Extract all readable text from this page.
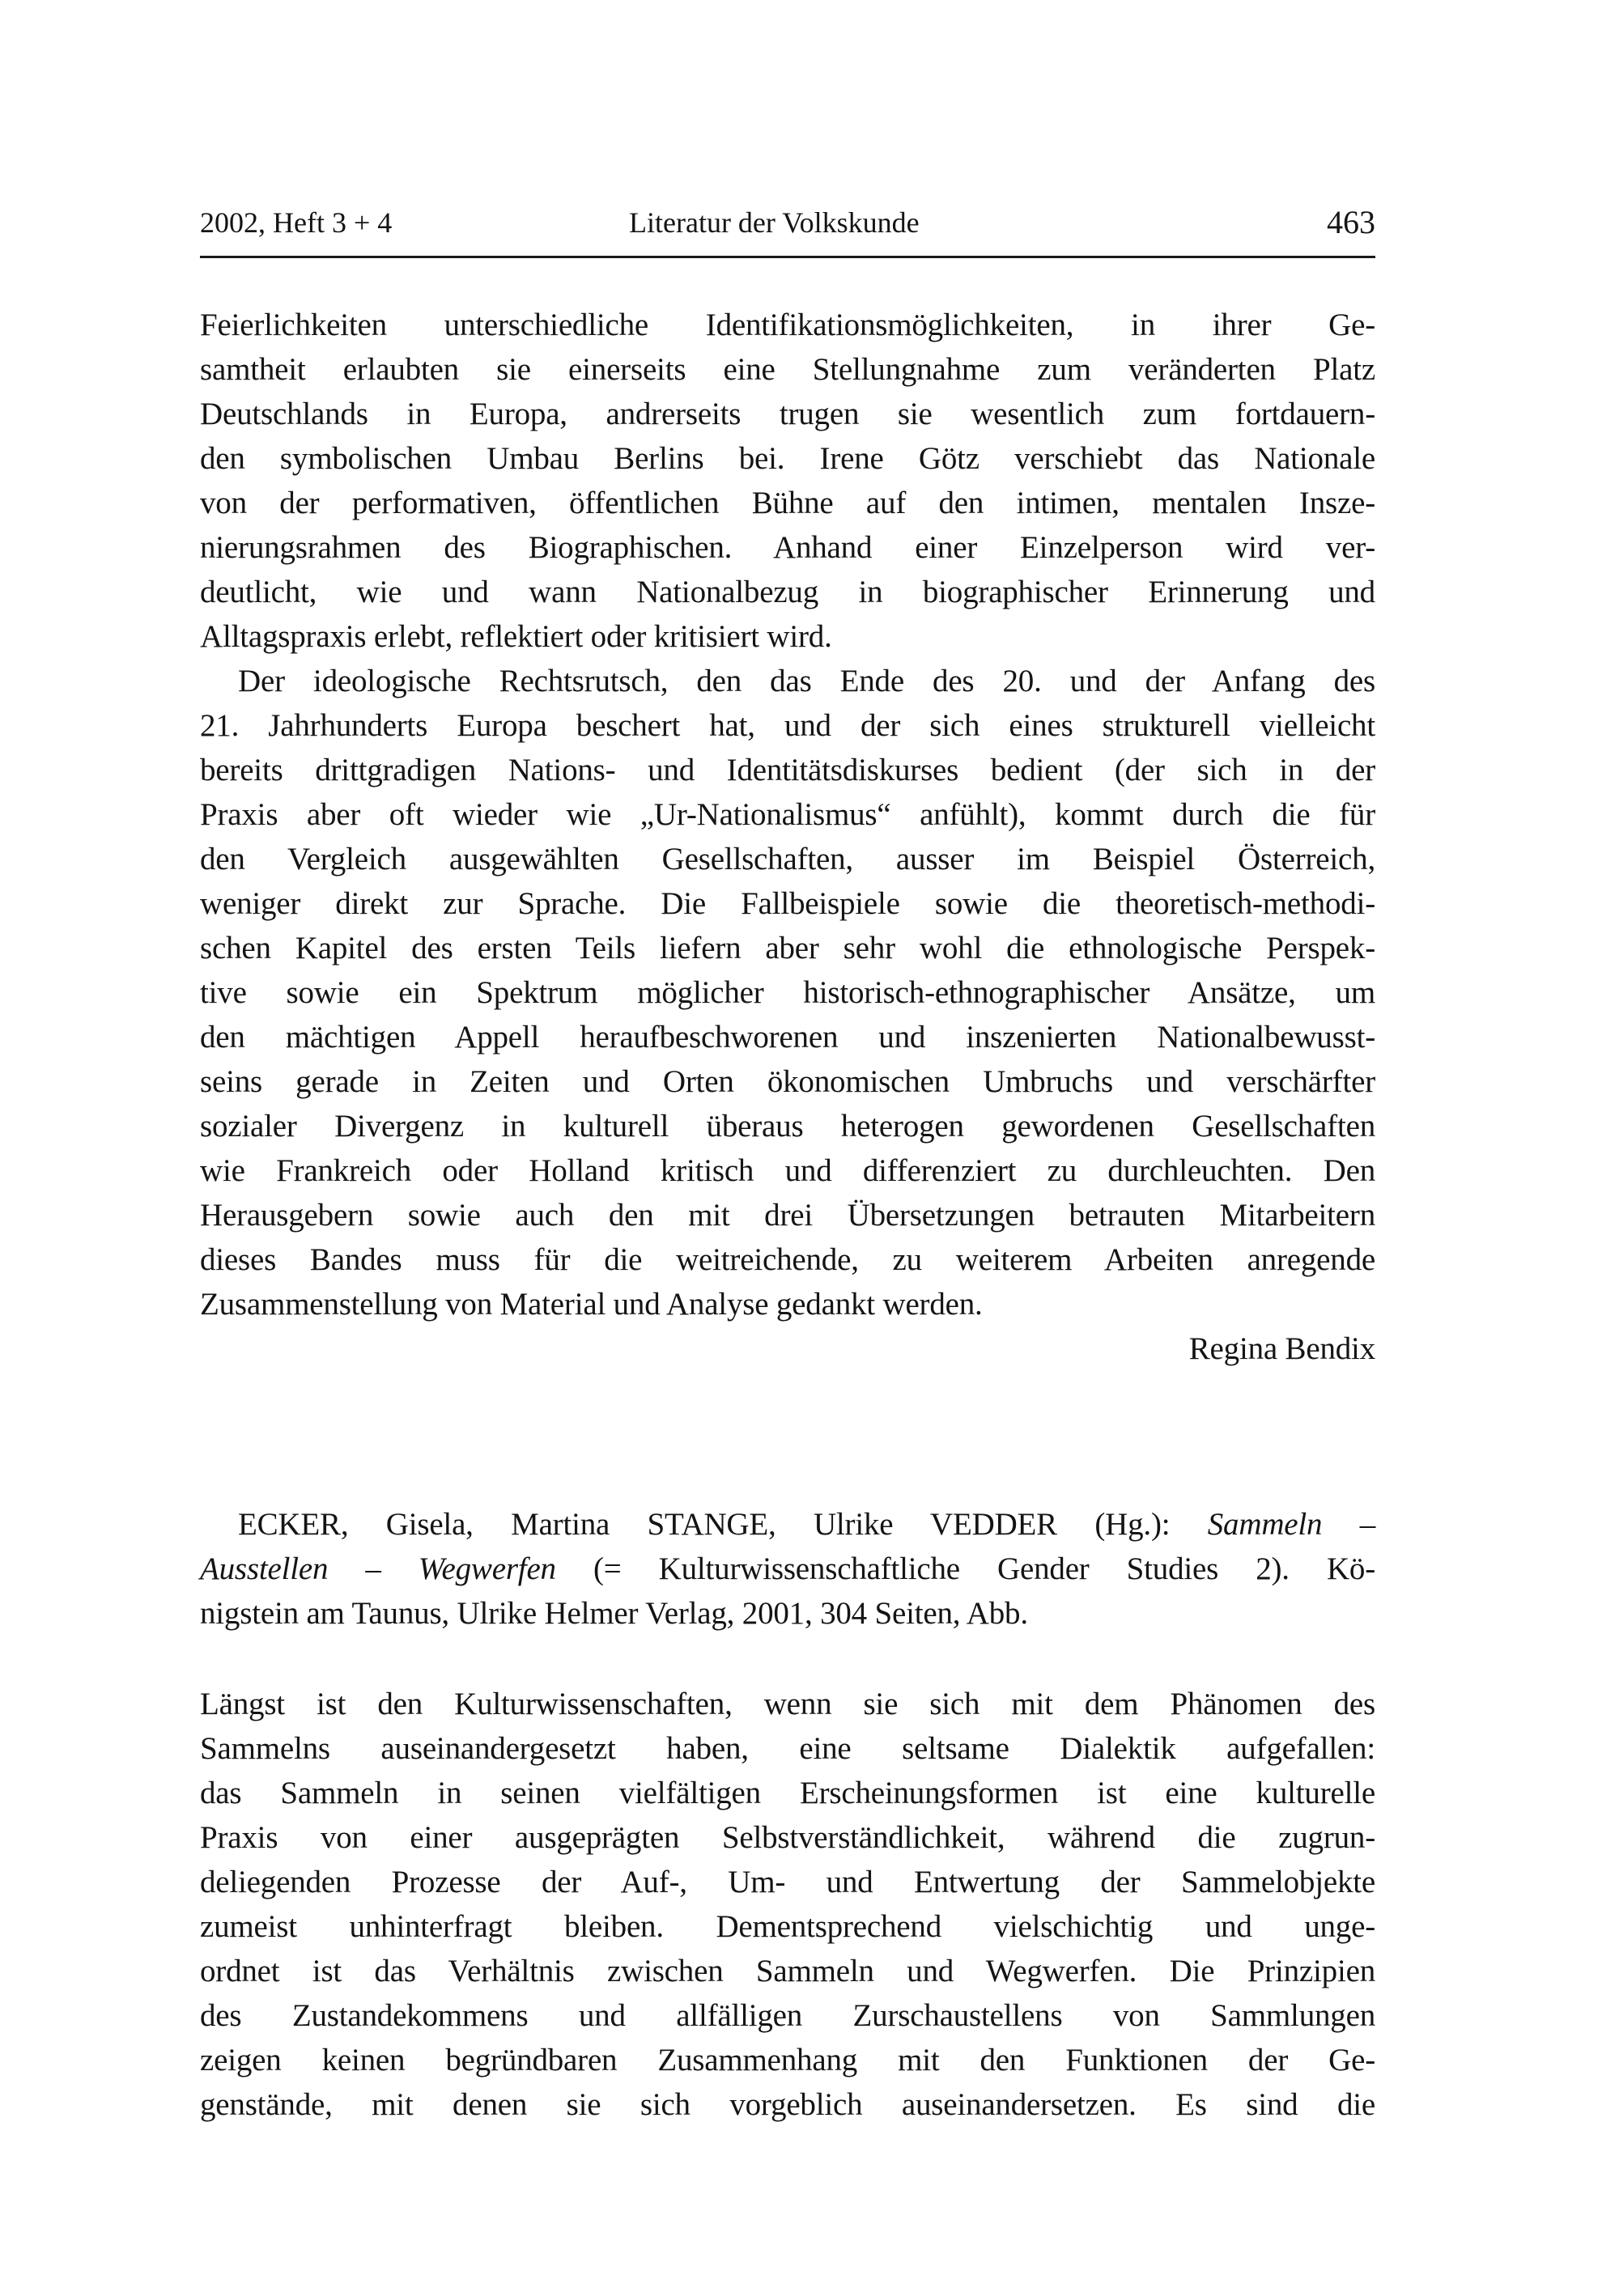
2002, Heft 3 + 4	Literatur der Volkskunde	463
Feierlichkeiten unterschiedliche Identifikationsmöglichkeiten, in ihrer Ge-
samtheit erlaubten sie einerseits eine Stellungnahme zum veränderten Platz
Deutschlands in Europa, andrerseits trugen sie wesentlich zum fortdauern-
den symbolischen Umbau Berlins bei. Irene Götz verschiebt das Nationale
von der performativen, öffentlichen Bühne auf den intimen, mentalen Insze-
nierungsrahmen des Biographischen. Anhand einer Einzelperson wird ver-
deutlicht, wie und wann Nationalbezug in biographischer Erinnerung und
Alltagspraxis erlebt, reflektiert oder kritisiert wird.
Der ideologische Rechtsrutsch, den das Ende des 20. und der Anfang des
21. Jahrhunderts Europa beschert hat, und der sich eines strukturell vielleicht
bereits drittgradigen Nations- und Identitätsdiskurses bedient (der sich in der
Praxis aber oft wieder wie „Ur-Nationalismus“ anfühlt), kommt durch die für
den Vergleich ausgewählten Gesellschaften, ausser im Beispiel Österreich,
weniger direkt zur Sprache. Die Fallbeispiele sowie die theoretisch-methodi-
schen Kapitel des ersten Teils liefern aber sehr wohl die ethnologische Perspek-
tive sowie ein Spektrum möglicher historisch-ethnographischer Ansätze, um
den mächtigen Appell heraufbeschworenen und inszenierten Nationalbewusst-
seins gerade in Zeiten und Orten ökonomischen Umbruchs und verschärfter
sozialer Divergenz in kulturell überaus heterogen gewordenen Gesellschaften
wie Frankreich oder Holland kritisch und differenziert zu durchleuchten. Den
Herausgebern sowie auch den mit drei Übersetzungen betrauten Mitarbeitern
dieses Bandes muss für die weitreichende, zu weiterem Arbeiten anregende
Zusammenstellung von Material und Analyse gedankt werden.
Regina Bendix
ECKER, Gisela, Martina STANGE, Ulrike VEDDER (Hg.): Sammeln –
Ausstellen – Wegwerfen (= Kulturwissenschaftliche Gender Studies 2). Kö-
nigstein am Taunus, Ulrike Helmer Verlag, 2001, 304 Seiten, Abb.
Längst ist den Kulturwissenschaften, wenn sie sich mit dem Phänomen des
Sammelns auseinandergesetzt haben, eine seltsame Dialektik aufgefallen:
das Sammeln in seinen vielfältigen Erscheinungsformen ist eine kulturelle
Praxis von einer ausgeprägten Selbstverständlichkeit, während die zugrun-
deliegenden Prozesse der Auf-, Um- und Entwertung der Sammelobjekte
zumeist unhinterfragt bleiben. Dementsprechend vielschichtig und unge-
ordnet ist das Verhältnis zwischen Sammeln und Wegwerfen. Die Prinzipien
des Zustandekommens und allfälligen Zurschaustellens von Sammlungen
zeigen keinen begründbaren Zusammenhang mit den Funktionen der Ge-
genstände, mit denen sie sich vorgeblich auseinandersetzen. Es sind die
